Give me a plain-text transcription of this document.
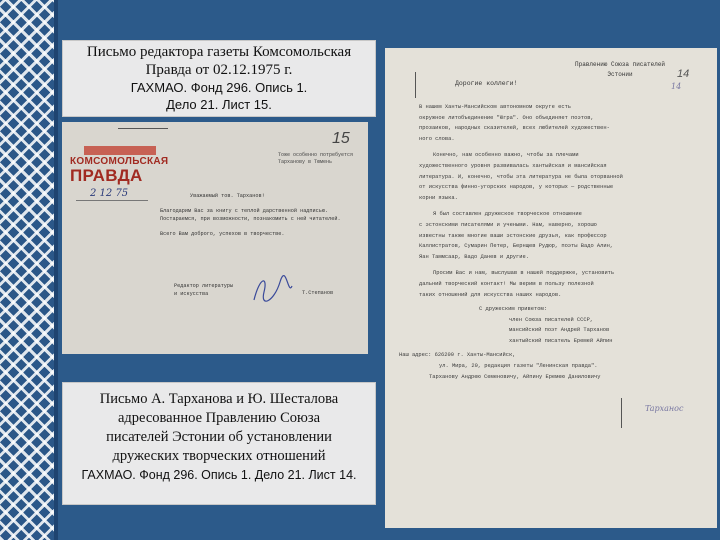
Письмо редактора газеты Комсомольская
Правда от 02.12.1975 г.
ГАХМАО. Фонд 296. Опись 1.
Дело 21. Лист 15.
15
КОМСОМОЛЬСКАЯ
ПРАВДА
Тоже особенно потребуется Тарханову в Тюмень
2 12 75	Уважаемый тов. Тарханов!

Благодарим Вас за книгу с теплой дарственной надписью. Постараемся, при возможности, познакомить с ней читателей.

Всего Вам доброго, успехов в творчестве.

Редактор литературы
и искусства	Т.Степанов
Письмо А. Тарханова и Ю. Шесталова
адресованное Правлению Союза
писателей Эстонии об установлении
дружеских творческих отношений
ГАХМАО. Фонд 296. Опись 1. Дело 21. Лист 14.
Правлению Союза писателей
Эстонии	14
Дорогие коллеги!
В нашем Ханты-Мансийском автономном округе есть
окружное литобъединение "Югра". Оно объединяет поэтов,
прозаиков, народных сказителей, всех любителей художествен-
ного слова.
Конечно, нам особенно важно, чтобы за плечами
художественного уровня развивалась хантыйская и мансийская
литература. И, конечно, чтобы эта литература не была оторванной
от искусства финно-угорских народов, у которых — родственные
корни языка.
Я был составлен дружеское творческое отношение
с эстонскими писателями и учеными. Нам, наверно, хорошо
известны также многие ваши эстонские друзья, как профессор
Каллистратов, Сумарин Петер, Бернщев Рудюр, поэты Вадо Алин,
Яан Таммсаар, Вадо Данев и другие.
Просим Вас и нам, выслушав в нашей поддержке, установить
дальний творческий контакт! Мы верим в пользу полезной
таких отношений для искусства наших народов.
С дружеским приветом:
член Союза писателей СССР,
мансийский поэт Андрей Тарханов
хантыйский писатель Еремей Айпин
Наш адрес: 626200 г. Ханты-Мансийск,
ул. Мира, 20, редакция газеты "Ленинская правда".
Тарханову Андрею Семеновичу, Айпину Еремею Даниловичу
14
Tapxaнос
